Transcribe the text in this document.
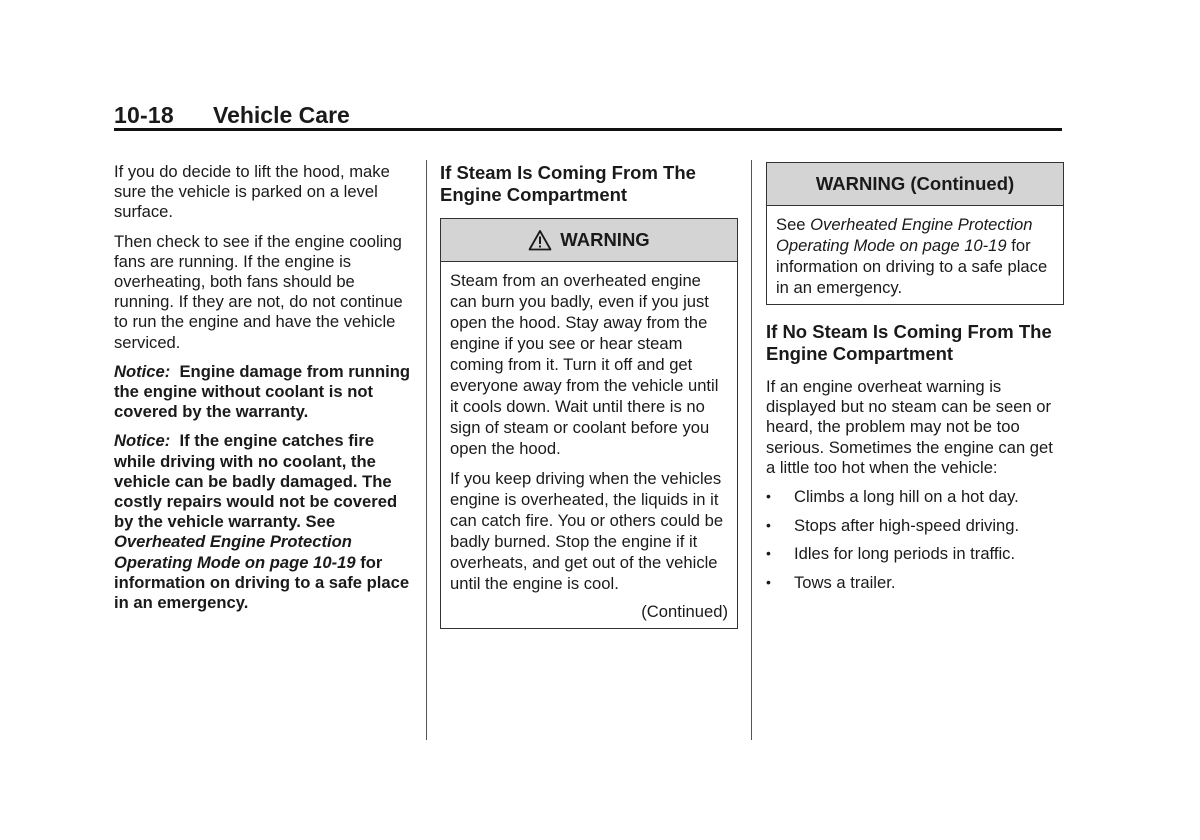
10-18 Vehicle Care

If you do decide to lift the hood, make sure the vehicle is parked on a level surface.

Then check to see if the engine cooling fans are running. If the engine is overheating, both fans should be running. If they are not, do not continue to run the engine and have the vehicle serviced.

Notice: Engine damage from running the engine without coolant is not covered by the warranty.

Notice: If the engine catches fire while driving with no coolant, the vehicle can be badly damaged. The costly repairs would not be covered by the vehicle warranty. See Overheated Engine Protection Operating Mode on page 10-19 for information on driving to a safe place in an emergency.

If Steam Is Coming From The Engine Compartment
WARNING

Steam from an overheated engine can burn you badly, even if you just open the hood. Stay away from the engine if you see or hear steam coming from it. Turn it off and get everyone away from the vehicle until it cools down. Wait until there is no sign of steam or coolant before you open the hood.

If you keep driving when the vehicles engine is overheated, the liquids in it can catch fire. You or others could be badly burned. Stop the engine if it overheats, and get out of the vehicle until the engine is cool.

(Continued)
WARNING (Continued)

See Overheated Engine Protection Operating Mode on page 10-19 for information on driving to a safe place in an emergency.

If No Steam Is Coming From The Engine Compartment

If an engine overheat warning is displayed but no steam can be seen or heard, the problem may not be too serious. Sometimes the engine can get a little too hot when the vehicle:

• Climbs a long hill on a hot day.
• Stops after high-speed driving.
• Idles for long periods in traffic.
• Tows a trailer.
